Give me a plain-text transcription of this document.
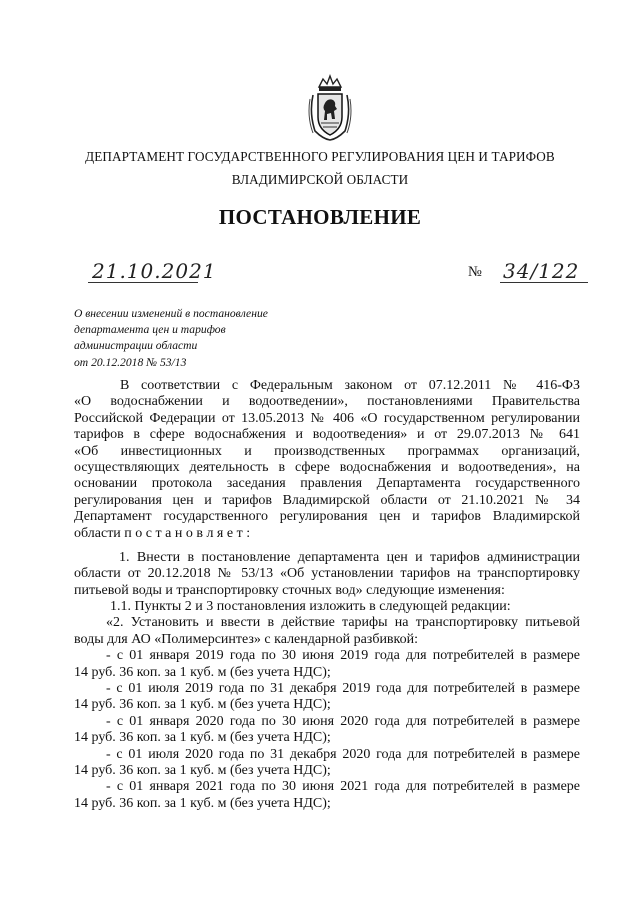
ДЕПАРТАМЕНТ ГОСУДАРСТВЕННОГО РЕГУЛИРОВАНИЯ ЦЕН И ТАРИФОВ
ВЛАДИМИРСКОЙ ОБЛАСТИ
ПОСТАНОВЛЕНИЕ
21.10.2021	№ 34/122
О внесении изменений в постановление
департамента цен и тарифов
администрации области
от 20.12.2018 № 53/13
В соответствии с Федеральным законом от 07.12.2011 № 416-ФЗ
«О водоснабжении и водоотведении», постановлениями Правительства
Российской Федерации от 13.05.2013 № 406 «О государственном регулировании
тарифов в сфере водоснабжения и водоотведения» и от 29.07.2013 № 641
«Об инвестиционных и производственных программах организаций,
осуществляющих деятельность в сфере водоснабжения и водоотведения», на
основании протокола заседания правления Департамента государственного
регулирования цен и тарифов Владимирской области от 21.10.2021 № 34
Департамент государственного регулирования цен и тарифов Владимирской
области п о с т а н о в л я е т :
1. Внести в постановление департамента цен и тарифов администрации
области от 20.12.2018 № 53/13 «Об установлении тарифов на транспортировку
питьевой воды и транспортировку сточных вод» следующие изменения:
1.1. Пункты 2 и 3 постановления изложить в следующей редакции:
«2. Установить и ввести в действие тарифы на транспортировку питьевой
воды для АО «Полимерсинтез» с календарной разбивкой:
- с 01 января 2019 года по 30 июня 2019 года для потребителей в размере
14 руб. 36 коп. за 1 куб. м (без учета НДС);
- с 01 июля 2019 года по 31 декабря 2019 года для потребителей в размере
14 руб. 36 коп. за 1 куб. м (без учета НДС);
- с 01 января 2020 года по 30 июня 2020 года для потребителей в размере
14 руб. 36 коп. за 1 куб. м (без учета НДС);
- с 01 июля 2020 года по 31 декабря 2020 года для потребителей в размере
14 руб. 36 коп. за 1 куб. м (без учета НДС);
- с 01 января 2021 года по 30 июня 2021 года для потребителей в размере
14 руб. 36 коп. за 1 куб. м (без учета НДС);
